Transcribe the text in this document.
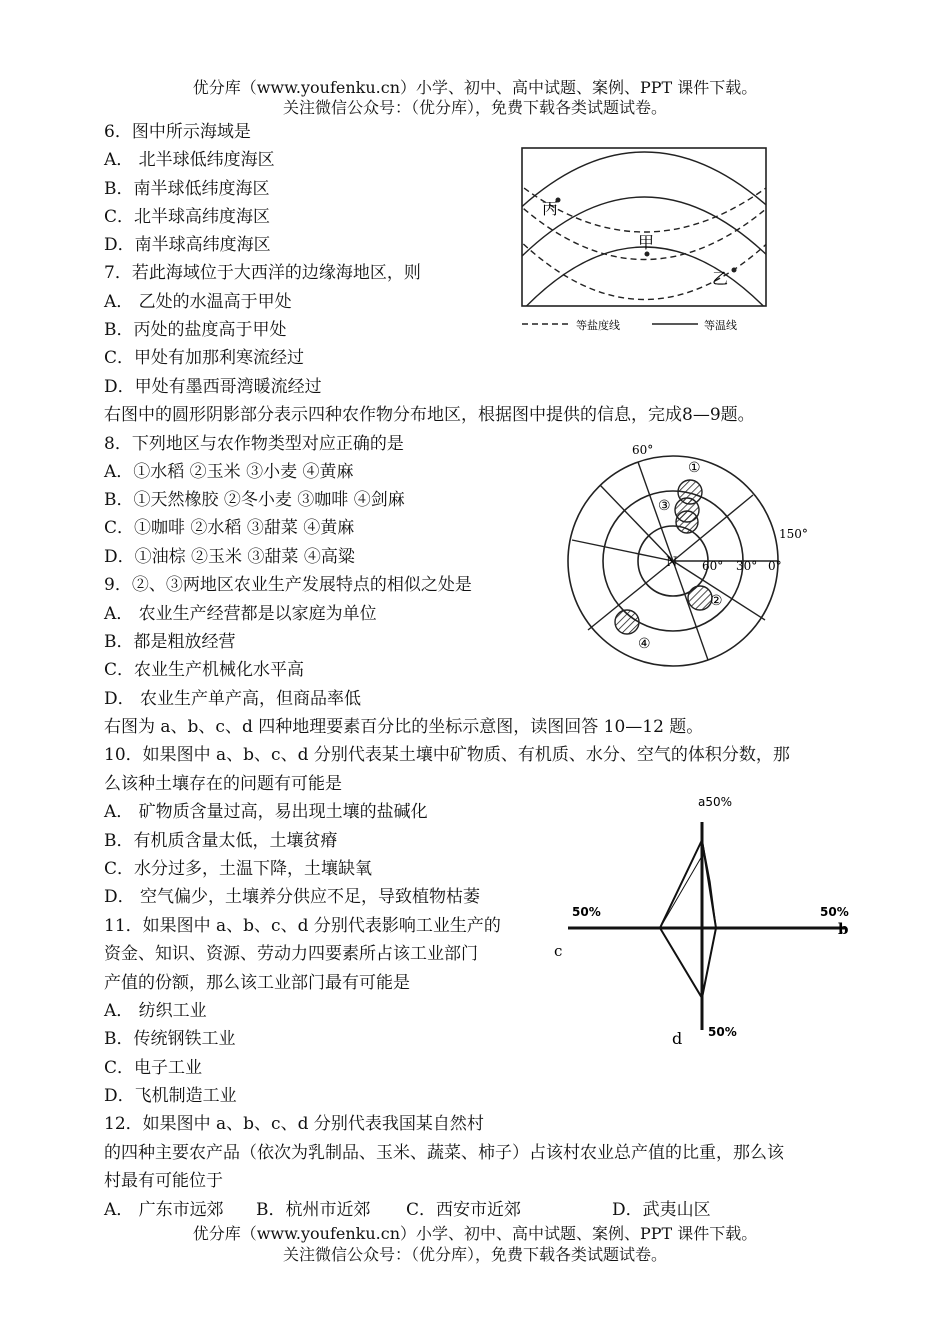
优分库（www.youfenku.cn）小学、初中、高中试题、案例、PPT 课件下载。
关注微信公众号：（优分库），免费下载各类试题试卷。
6．图中所示海域是
A． 北半球低纬度海区
B．南半球低纬度海区
C．北半球高纬度海区
D．南半球高纬度海区
7．若此海域位于大西洋的边缘海地区，则
A． 乙处的水温高于甲处
B．丙处的盐度高于甲处
C．甲处有加那利寒流经过
D．甲处有墨西哥湾暖流经过
丙
甲
乙
等盐度线	等温线
右图中的圆形阴影部分表示四种农作物分布地区，根据图中提供的信息，完成8—9题。
8．下列地区与农作物类型对应正确的是
A．①水稻 ②玉米 ③小麦 ④黄麻
B．①天然橡胶 ②冬小麦 ③咖啡 ④剑麻
C．①咖啡 ②水稻 ③甜菜 ④黄麻
D．①油棕 ②玉米 ③甜菜 ④高粱
60°
150°
N 60° 30° 0°
①
③
②
④
9．②、③两地区农业生产发展特点的相似之处是
A． 农业生产经营都是以家庭为单位
B．都是粗放经营
C．农业生产机械化水平高
D． 农业生产单产高，但商品率低
右图为 a、b、c、d 四种地理要素百分比的坐标示意图，读图回答 10—12 题。
10．如果图中 a、b、c、d 分别代表某土壤中矿物质、有机质、水分、空气的体积分数，那
么该种土壤存在的问题有可能是
A． 矿物质含量过高，易出现土壤的盐碱化
B．有机质含量太低，土壤贫瘠
C．水分过多，土温下降，土壤缺氧
D． 空气偏少，土壤养分供应不足，导致植物枯萎
a50%
50%
b
50%
c
50%
d
11．如果图中 a、b、c、d 分别代表影响工业生产的
资金、知识、资源、劳动力四要素所占该工业部门
产值的份额，那么该工业部门最有可能是
A． 纺织工业
B．传统钢铁工业
C．电子工业
D．飞机制造工业
12．如果图中 a、b、c、d 分别代表我国某自然村
的四种主要农产品（依次为乳制品、玉米、蔬菜、柿子）占该村农业总产值的比重，那么该
村最有可能位于
A． 广东市远郊 B．杭州市近郊 C．西安市近郊	D．武夷山区
优分库（www.youfenku.cn）小学、初中、高中试题、案例、PPT 课件下载。
关注微信公众号：（优分库），免费下载各类试题试卷。
